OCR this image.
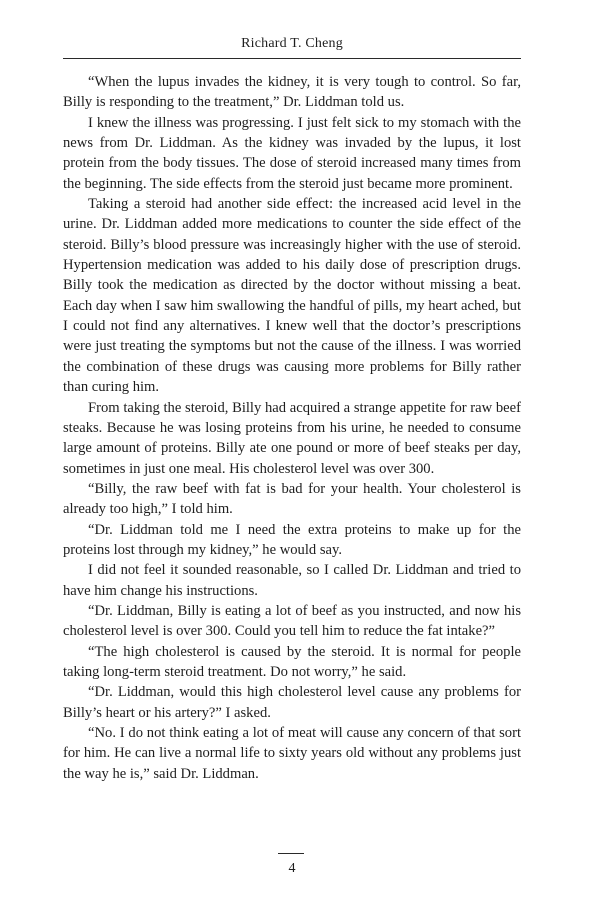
Richard T. Cheng

“When the lupus invades the kidney, it is very tough to control. So far, Billy is responding to the treatment,” Dr. Liddman told us.

I knew the illness was progressing. I just felt sick to my stomach with the news from Dr. Liddman. As the kidney was invaded by the lupus, it lost protein from the body tissues. The dose of steroid increased many times from the beginning. The side effects from the steroid just became more prominent.

Taking a steroid had another side effect: the increased acid level in the urine. Dr. Liddman added more medications to counter the side effect of the steroid. Billy’s blood pressure was increasingly higher with the use of steroid. Hypertension medication was added to his daily dose of prescription drugs. Billy took the medication as directed by the doctor without missing a beat. Each day when I saw him swallowing the handful of pills, my heart ached, but I could not find any alternatives. I knew well that the doctor’s prescriptions were just treating the symptoms but not the cause of the illness. I was worried the combination of these drugs was causing more problems for Billy rather than curing him.

From taking the steroid, Billy had acquired a strange appetite for raw beef steaks. Because he was losing proteins from his urine, he needed to consume large amount of proteins. Billy ate one pound or more of beef steaks per day, sometimes in just one meal. His cholesterol level was over 300.

“Billy, the raw beef with fat is bad for your health. Your cholesterol is already too high,” I told him.

“Dr. Liddman told me I need the extra proteins to make up for the proteins lost through my kidney,” he would say.

I did not feel it sounded reasonable, so I called Dr. Liddman and tried to have him change his instructions.

“Dr. Liddman, Billy is eating a lot of beef as you instructed, and now his cholesterol level is over 300. Could you tell him to reduce the fat intake?”

“The high cholesterol is caused by the steroid. It is normal for people taking long-term steroid treatment. Do not worry,” he said.

“Dr. Liddman, would this high cholesterol level cause any problems for Billy’s heart or his artery?” I asked.

“No. I do not think eating a lot of meat will cause any concern of that sort for him. He can live a normal life to sixty years old without any problems just the way he is,” said Dr. Liddman.

4
